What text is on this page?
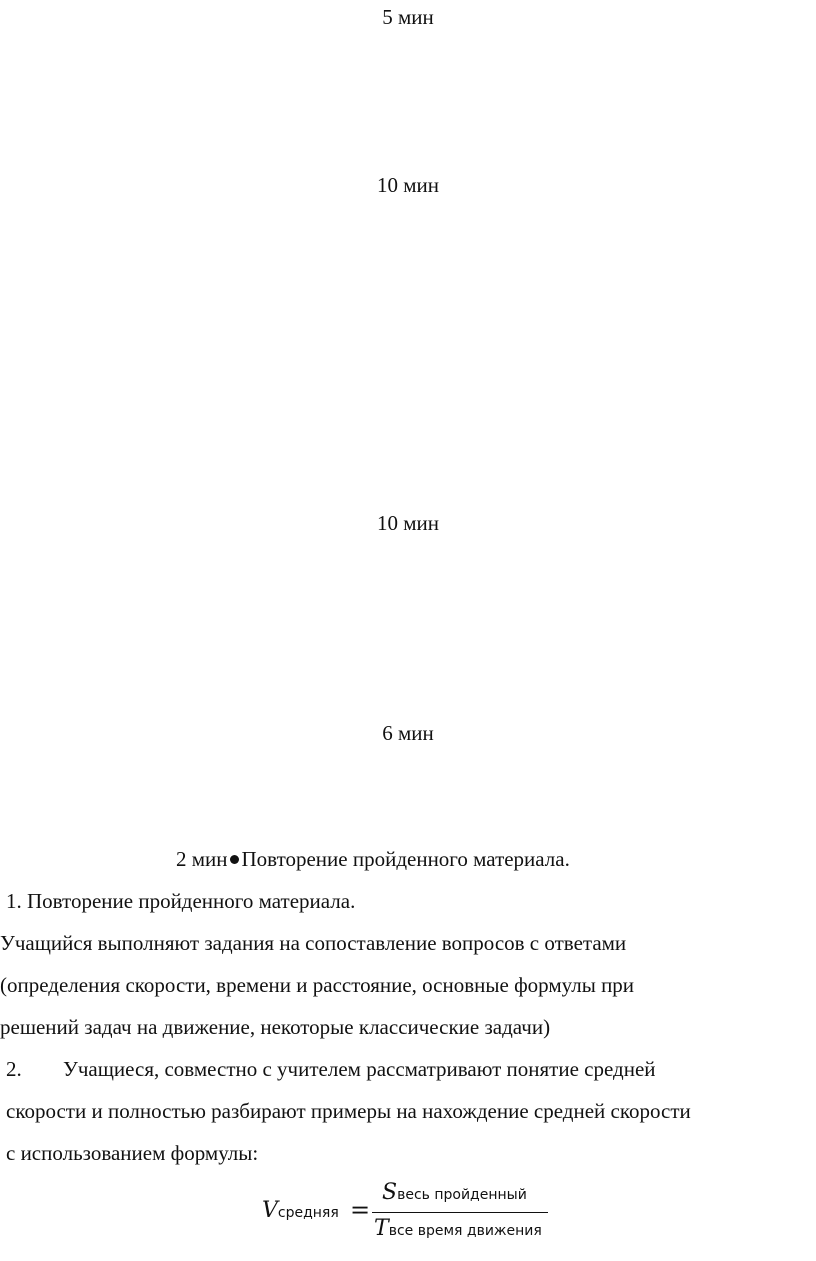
5 мин
10 мин
10 мин
6 мин
2 мин Повторение пройденного материала.
1. Повторение пройденного материала.
Учащийся выполняют задания на сопоставление вопросов с ответами
(определения скорости, времени и расстояние, основные формулы при
решений задач на движение, некоторые классические задачи)
2. Учащиеся, совместно с учителем рассматривают понятие средней
скорости и полностью разбирают примеры на нахождение средней скорости
с использованием формулы:
Vсредняя =
Sвесь пройденный
Tвсе время движения
